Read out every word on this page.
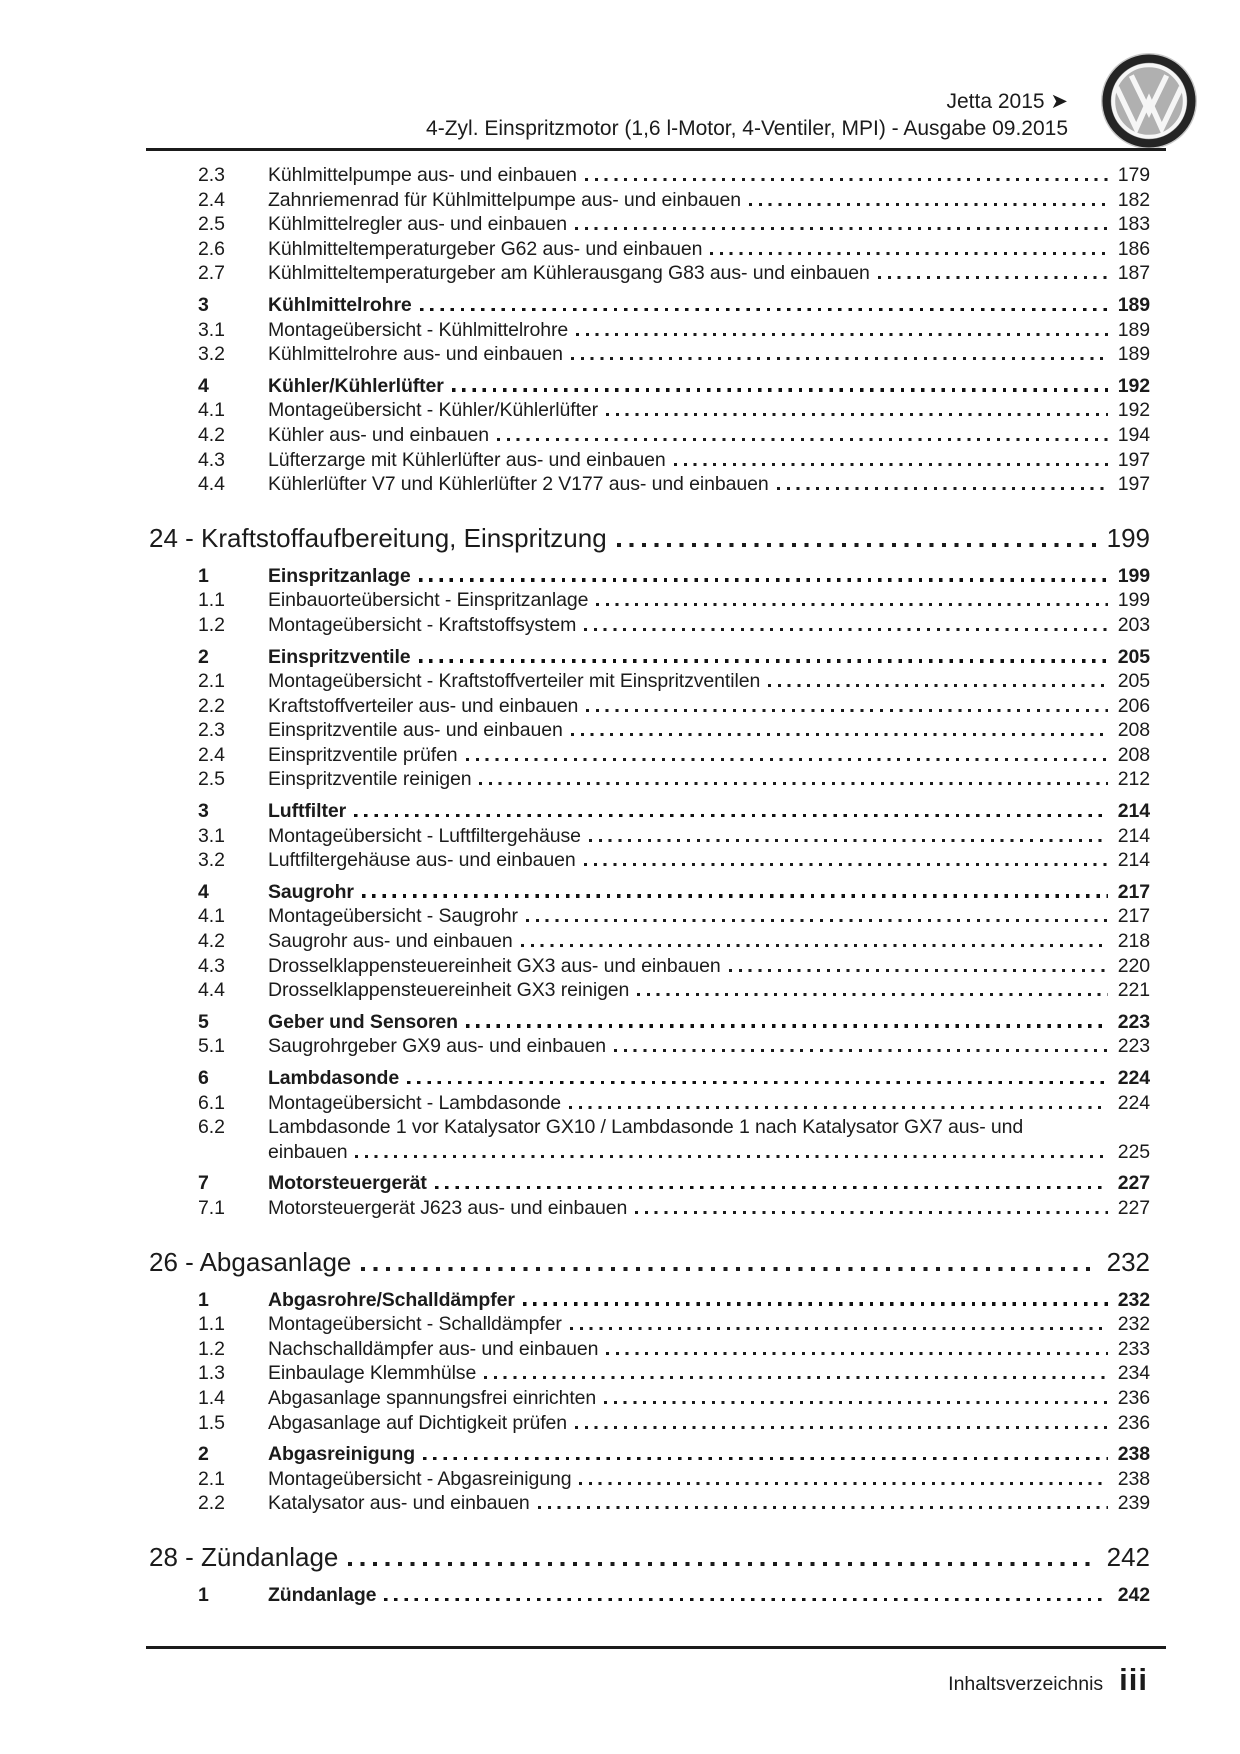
Jetta 2015 ➤
4-Zyl. Einspritzmotor (1,6 l-Motor, 4-Ventiler, MPI) - Ausgabe 09.2015
2.3	Kühlmittelpumpe aus- und einbauen	179
2.4	Zahnriemenrad für Kühlmittelpumpe aus- und einbauen	182
2.5	Kühlmittelregler aus- und einbauen	183
2.6	Kühlmitteltemperaturgeber G62 aus- und einbauen	186
2.7	Kühlmitteltemperaturgeber am Kühlerausgang G83 aus- und einbauen	187
3	Kühlmittelrohre	189
3.1	Montageübersicht - Kühlmittelrohre	189
3.2	Kühlmittelrohre aus- und einbauen	189
4	Kühler/Kühlerlüfter	192
4.1	Montageübersicht - Kühler/Kühlerlüfter	192
4.2	Kühler aus- und einbauen	194
4.3	Lüfterzarge mit Kühlerlüfter aus- und einbauen	197
4.4	Kühlerlüfter V7 und Kühlerlüfter 2 V177 aus- und einbauen	197
24 - Kraftstoffaufbereitung, Einspritzung	199
1	Einspritzanlage	199
1.1	Einbauorteübersicht - Einspritzanlage	199
1.2	Montageübersicht - Kraftstoffsystem	203
2	Einspritzventile	205
2.1	Montageübersicht - Kraftstoffverteiler mit Einspritzventilen	205
2.2	Kraftstoffverteiler aus- und einbauen	206
2.3	Einspritzventile aus- und einbauen	208
2.4	Einspritzventile prüfen	208
2.5	Einspritzventile reinigen	212
3	Luftfilter	214
3.1	Montageübersicht - Luftfiltergehäuse	214
3.2	Luftfiltergehäuse aus- und einbauen	214
4	Saugrohr	217
4.1	Montageübersicht - Saugrohr	217
4.2	Saugrohr aus- und einbauen	218
4.3	Drosselklappensteuereinheit GX3 aus- und einbauen	220
4.4	Drosselklappensteuereinheit GX3 reinigen	221
5	Geber und Sensoren	223
5.1	Saugrohrgeber GX9 aus- und einbauen	223
6	Lambdasonde	224
6.1	Montageübersicht - Lambdasonde	224
6.2	Lambdasonde 1 vor Katalysator GX10 / Lambdasonde 1 nach Katalysator GX7 aus- und
einbauen	225
7	Motorsteuergerät	227
7.1	Motorsteuergerät J623 aus- und einbauen	227
26 - Abgasanlage	232
1	Abgasrohre/Schalldämpfer	232
1.1	Montageübersicht - Schalldämpfer	232
1.2	Nachschalldämpfer aus- und einbauen	233
1.3	Einbaulage Klemmhülse	234
1.4	Abgasanlage spannungsfrei einrichten	236
1.5	Abgasanlage auf Dichtigkeit prüfen	236
2	Abgasreinigung	238
2.1	Montageübersicht - Abgasreinigung	238
2.2	Katalysator aus- und einbauen	239
28 - Zündanlage	242
1	Zündanlage	242
Inhaltsverzeichnis iii
